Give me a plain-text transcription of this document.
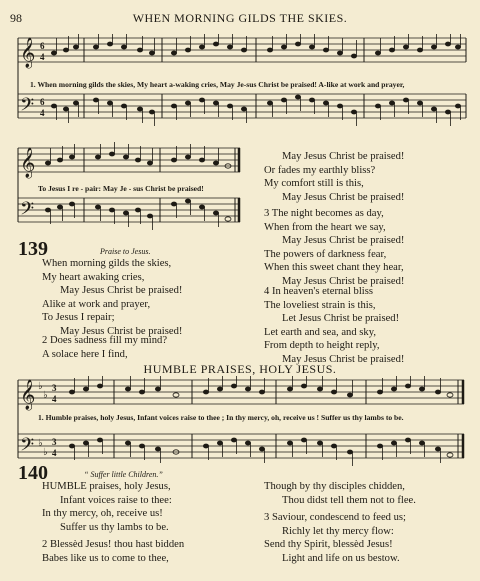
98	WHEN MORNING GILDS THE SKIES.
𝄞
𝄢
6
4
6
4
1. When morning gilds the skies, My heart a-waking cries, May Je-sus Christ be praised! A-like at work and prayer,
𝄞
𝄢
To Jesus I re - pair: May Je - sus Christ be praised!
139	Praise to Jesus.
When morning gilds the skies,
My heart awaking cries,
May Jesus Christ be praised!
Alike at work and prayer,
To Jesus I repair;
May Jesus Christ be praised!
2 Does sadness fill my mind?
A solace here I find,
May Jesus Christ be praised!
Or fades my earthly bliss?
My comfort still is this,
May Jesus Christ be praised!
3 The night becomes as day,
When from the heart we say,
May Jesus Christ be praised!
The powers of darkness fear,
When this sweet chant they hear,
May Jesus Christ be praised!
4 In heaven's eternal bliss
The loveliest strain is this,
Let Jesus Christ be praised!
Let earth and sea, and sky,
From depth to height reply,
May Jesus Christ be praised!
HUMBLE PRAISES, HOLY JESUS.
𝄞
𝄢
♭
♭
♭
♭
3
4
3
4
1. Humble praises, holy Jesus, Infant voices raise to thee ; In thy mercy, oh, receive us ! Suffer us thy lambs to be.
140	“ Suffer little Children.”
HUMBLE praises, holy Jesus,
Infant voices raise to thee:
In thy mercy, oh, receive us!
Suffer us thy lambs to be.
2 Blessèd Jesus! thou hast bidden
Babes like us to come to thee,
Though by thy disciples chidden,
Thou didst tell them not to flee.
3 Saviour, condescend to feed us;
Richly let thy mercy flow:
Send thy Spirit, blessèd Jesus!
Light and life on us bestow.
